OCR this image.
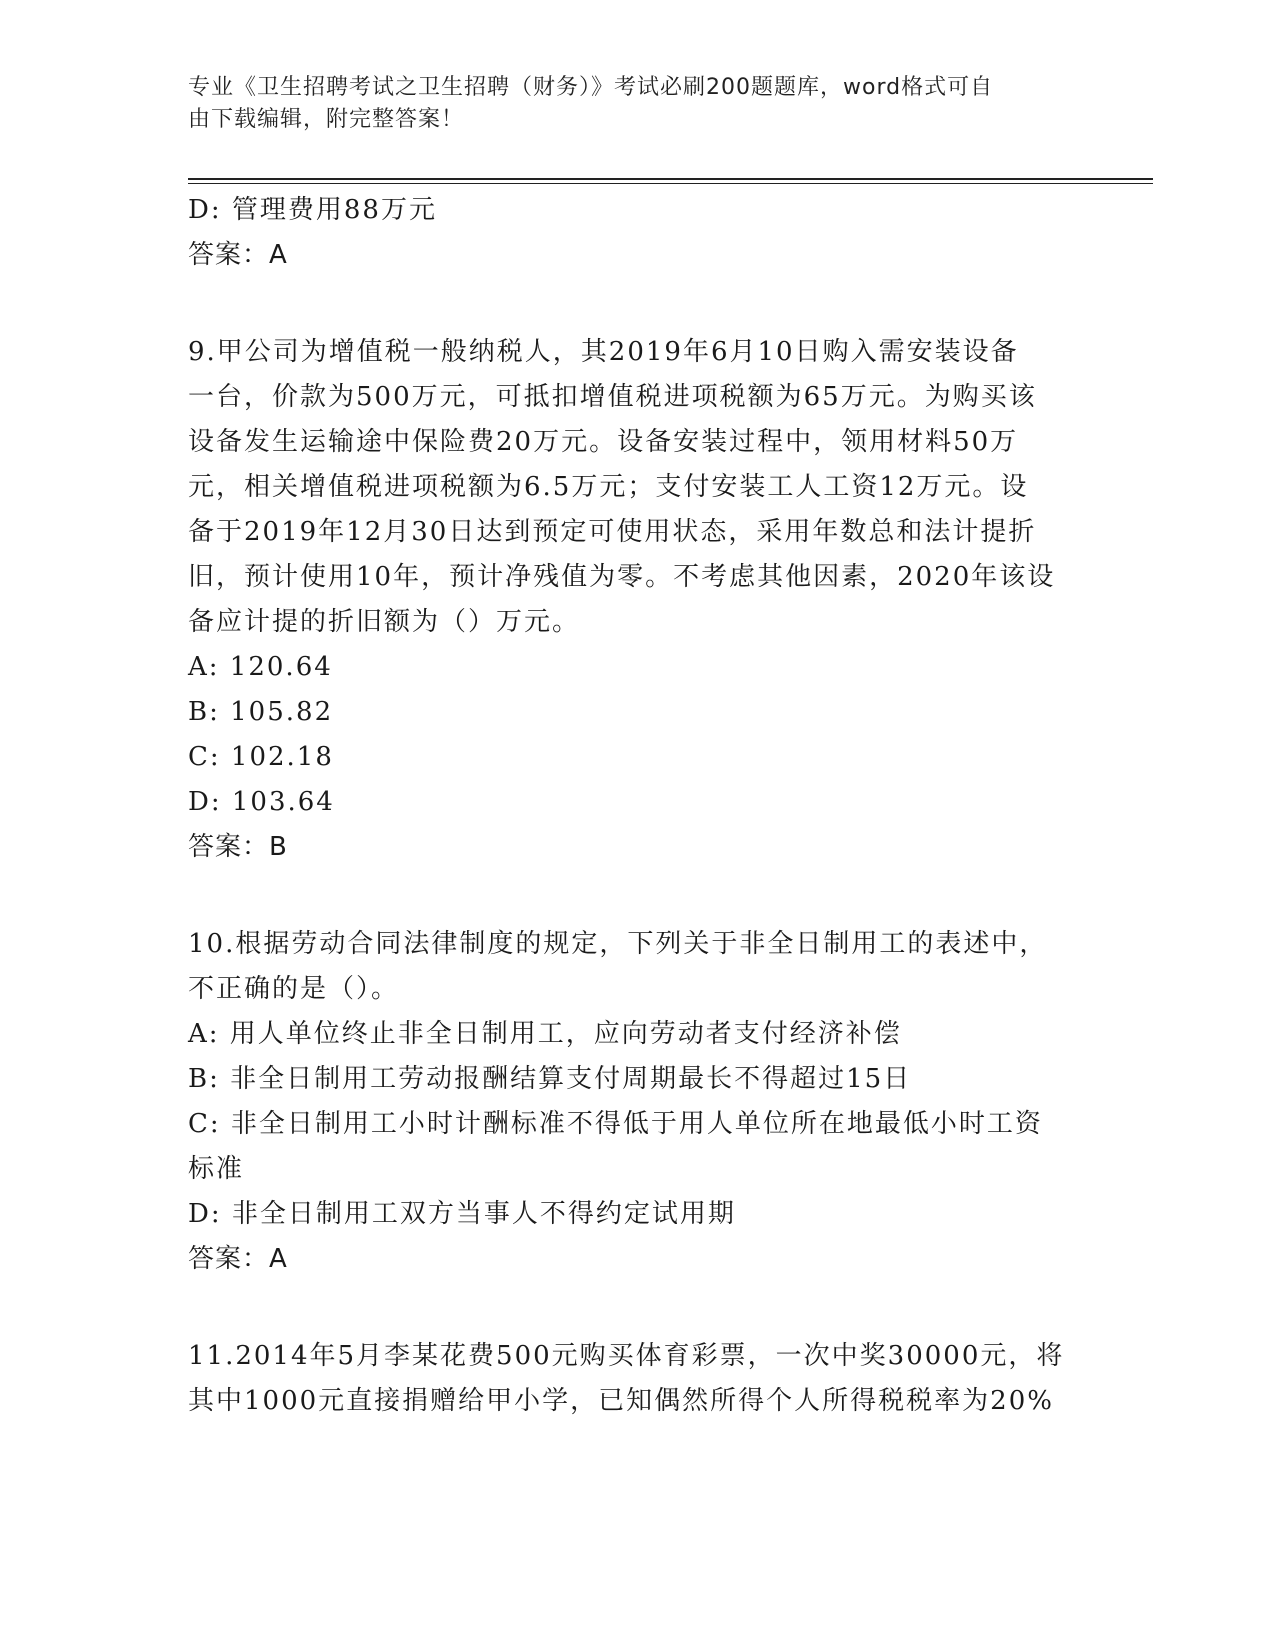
专业《卫生招聘考试之卫生招聘（财务）》考试必刷200题题库，word格式可自
由下载编辑，附完整答案！
D: 管理费用88万元
答案：A
9.甲公司为增值税一般纳税人，其2019年6月10日购入需安装设备
一台，价款为500万元，可抵扣增值税进项税额为65万元。为购买该
设备发生运输途中保险费20万元。设备安装过程中，领用材料50万
元，相关增值税进项税额为6.5万元；支付安装工人工资12万元。设
备于2019年12月30日达到预定可使用状态，采用年数总和法计提折
旧，预计使用10年，预计净残值为零。不考虑其他因素，2020年该设
备应计提的折旧额为（）万元。
A: 120.64
B: 105.82
C: 102.18
D: 103.64
答案：B
10.根据劳动合同法律制度的规定，下列关于非全日制用工的表述中，
不正确的是（）。
A: 用人单位终止非全日制用工，应向劳动者支付经济补偿
B: 非全日制用工劳动报酬结算支付周期最长不得超过15日
C: 非全日制用工小时计酬标准不得低于用人单位所在地最低小时工资
标准
D: 非全日制用工双方当事人不得约定试用期
答案：A
11.2014年5月李某花费500元购买体育彩票，一次中奖30000元，将
其中1000元直接捐赠给甲小学，已知偶然所得个人所得税税率为20%
